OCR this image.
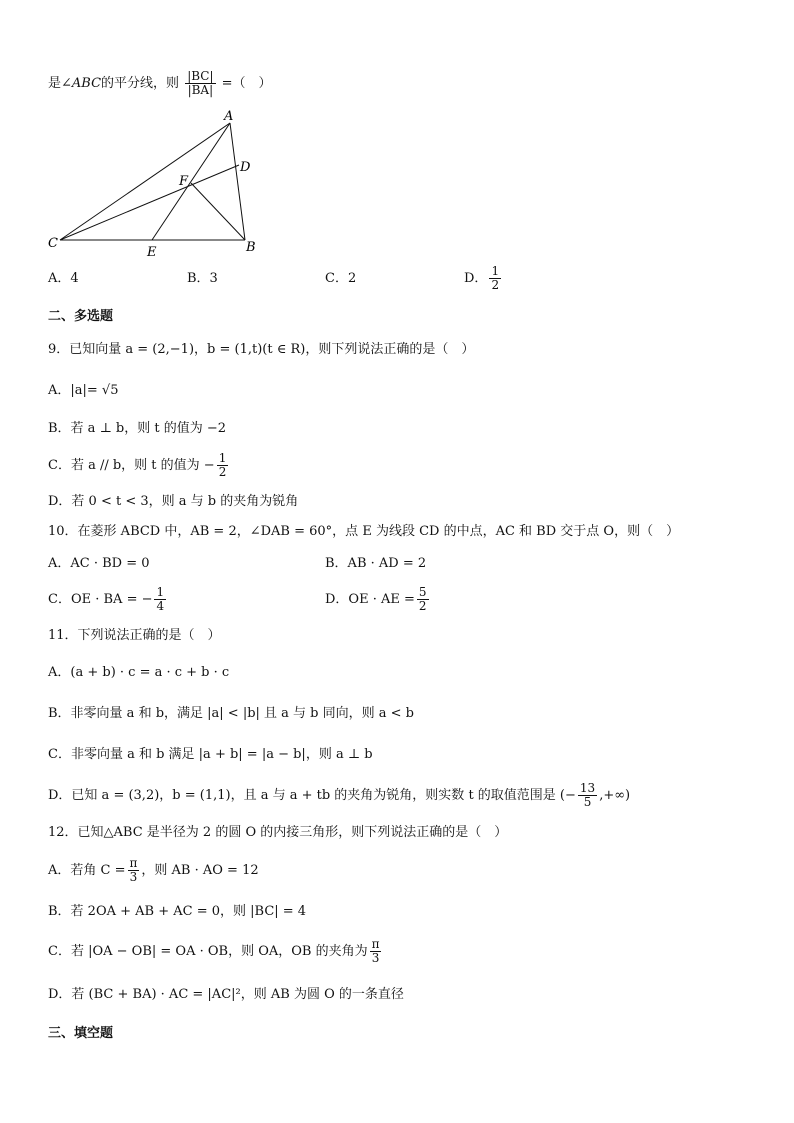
是∠ABC的平分线，则 $\frac{|BC|}{|BA|}$ =（　）
A
B
C
D
E
F
A．4	B．3	C．2	D． $\frac{1}{2}$
二、多选题
9．已知向量 a = (2,−1)，b = (1,t)(t ∈ R)，则下列说法正确的是（　）
A．|a|= √5
B．若 a ⊥ b，则 t 的值为 −2
C．若 a // b，则 t 的值为 − $\frac{1}{2}$
D．若 0 < t < 3，则 a 与 b 的夹角为锐角
10．在菱形 ABCD 中，AB = 2，∠DAB = 60°，点 E 为线段 CD 的中点，AC 和 BD 交于点 O，则（　）
A．AC · BD = 0	B．AB · AD = 2
C．OE · BA = − $\frac{1}{4}$	D．OE · AE = $\frac{5}{2}$
11．下列说法正确的是（　）
A．(a + b) · c = a · c + b · c
B．非零向量 a 和 b，满足 |a| < |b| 且 a 与 b 同向，则 a < b
C．非零向量 a 和 b 满足 |a + b| = |a − b|，则 a ⊥ b
D．已知 a = (3,2)，b = (1,1)，且 a 与 a + tb 的夹角为锐角，则实数 t 的取值范围是 (− $\frac{13}{5}$ ,+∞)
12．已知△ABC 是半径为 2 的圆 O 的内接三角形，则下列说法正确的是（　）
A．若角 $C = \frac{\pi}{3}$ ，则 AB · AO = 12
B．若 2OA + AB + AC = 0，则 |BC| = 4
C．若 |OA − OB| = OA · OB，则 OA，OB 的夹角为 $\frac{\pi}{3}$
D．若 (BC + BA) · AC = |AC|²，则 AB 为圆 O 的一条直径
三、填空题
